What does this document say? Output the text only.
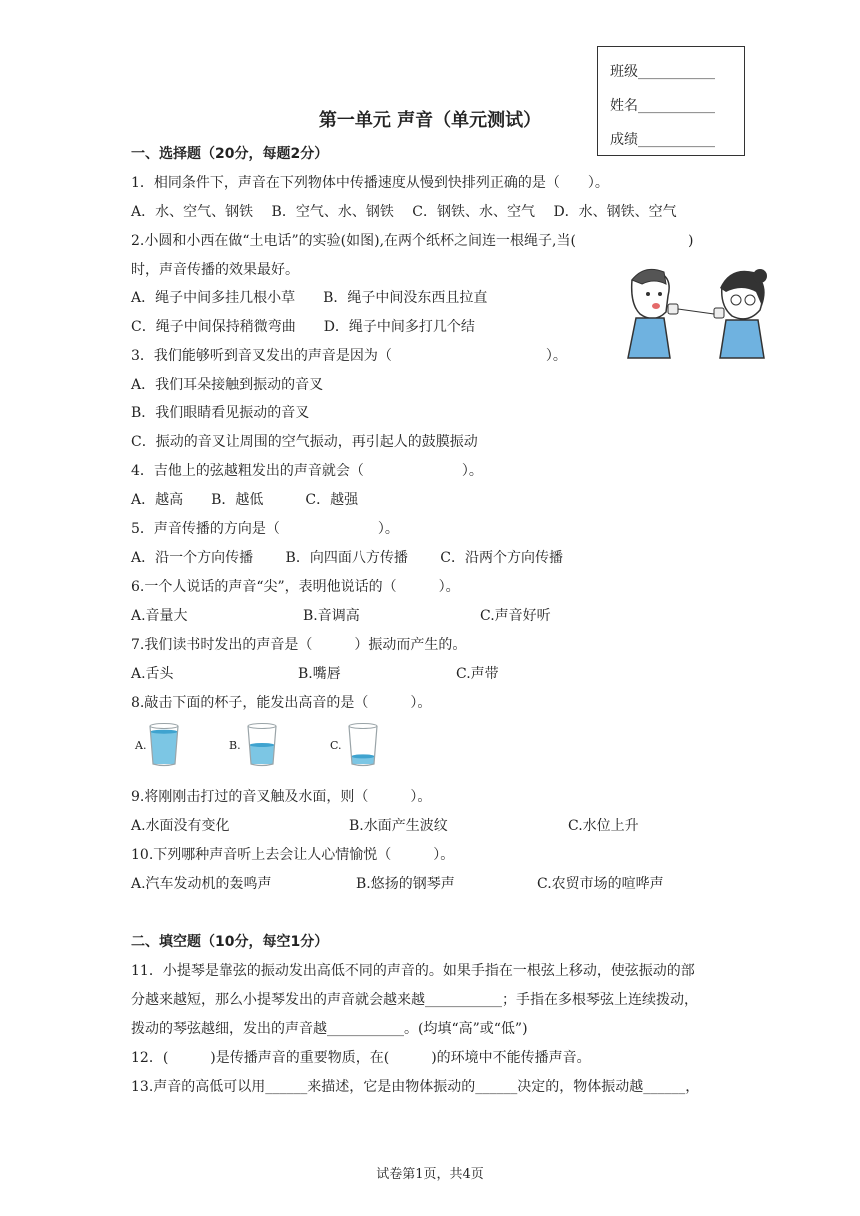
班级___________
姓名___________
成绩___________
第一单元 声音（单元测试）
一、选择题（20分，每题2分）
1．相同条件下，声音在下列物体中传播速度从慢到快排列正确的是（　　）。
A．水、空气、钢铁　 B．空气、水、钢铁　 C．钢铁、水、空气　 D．水、钢铁、空气
2.小圆和小西在做“土电话”的实验(如图),在两个纸杯之间连一根绳子,当(　　　　　　　　)
时，声音传播的效果最好。
A．绳子中间多挂几根小草　　B．绳子中间没东西且拉直
C．绳子中间保持稍微弯曲　　D．绳子中间多打几个结
3．我们能够听到音叉发出的声音是因为（　　　　　　　　　　　）。
A．我们耳朵接触到振动的音叉
B．我们眼睛看见振动的音叉
C．振动的音叉让周围的空气振动，再引起人的鼓膜振动
4．吉他上的弦越粗发出的声音就会（　　　　　　　）。
A．越高　　B．越低　　　C．越强
5．声音传播的方向是（　　　　　　　）。
A．沿一个方向传播　　 B．向四面八方传播　　 C．沿两个方向传播
6.一个人说话的声音“尖”，表明他说话的（　　　）。
A.音量大	B.音调高	C.声音好听
7.我们读书时发出的声音是（　　　）振动而产生的。
A.舌头	B.嘴唇	C.声带
8.敲击下面的杯子，能发出高音的是（　　　）。
A.	B.	C.
9.将刚刚击打过的音叉触及水面，则（　　　）。
A.水面没有变化	B.水面产生波纹	C.水位上升
10.下列哪种声音听上去会让人心情愉悦（　　　）。
A.汽车发动机的轰鸣声	B.悠扬的钢琴声	C.农贸市场的喧哗声
二、填空题（10分，每空1分）
11．小提琴是靠弦的振动发出高低不同的声音的。如果手指在一根弦上移动，使弦振动的部
分越来越短，那么小提琴发出的声音就会越来越___________；手指在多根琴弦上连续拨动，
拨动的琴弦越细，发出的声音越___________。(均填“高”或“低”)
12．(　　　)是传播声音的重要物质，在(　　　)的环境中不能传播声音。
13.声音的高低可以用______来描述，它是由物体振动的______决定的，物体振动越______，
试卷第1页，共4页
